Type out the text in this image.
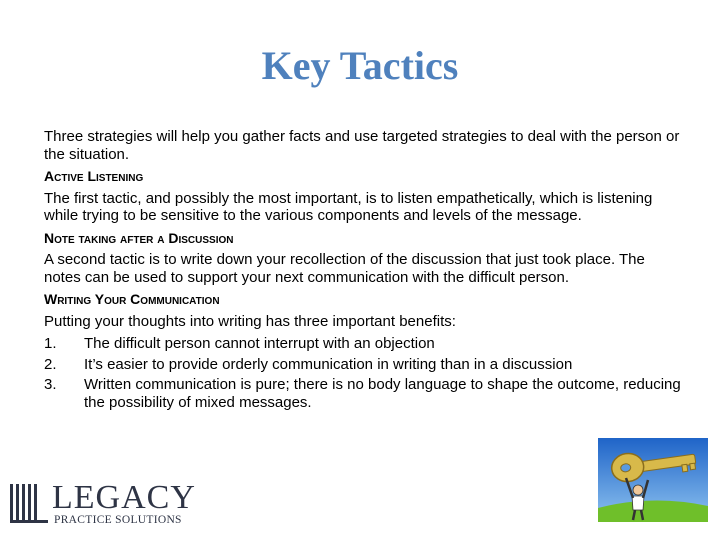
Key Tactics

Three strategies will help you gather facts and use targeted strategies to deal with the person or the situation.

Active Listening

The first tactic, and possibly the most important, is to listen empathetically, which is listening while trying to be sensitive to the various components and levels of the message.

Note taking after a Discussion

A second tactic is to write down your recollection of the discussion that just took place. The notes can be used to support your next communication with the difficult person.

Writing Your Communication

Putting your thoughts into writing has three important benefits:

1.	The difficult person cannot interrupt with an objection
2.	It’s easier to provide orderly communication in writing than in a discussion
3.	Written communication is pure; there is no body language to shape the outcome, reducing the possibility of mixed messages.
LEGACY
PRACTICE SOLUTIONS
